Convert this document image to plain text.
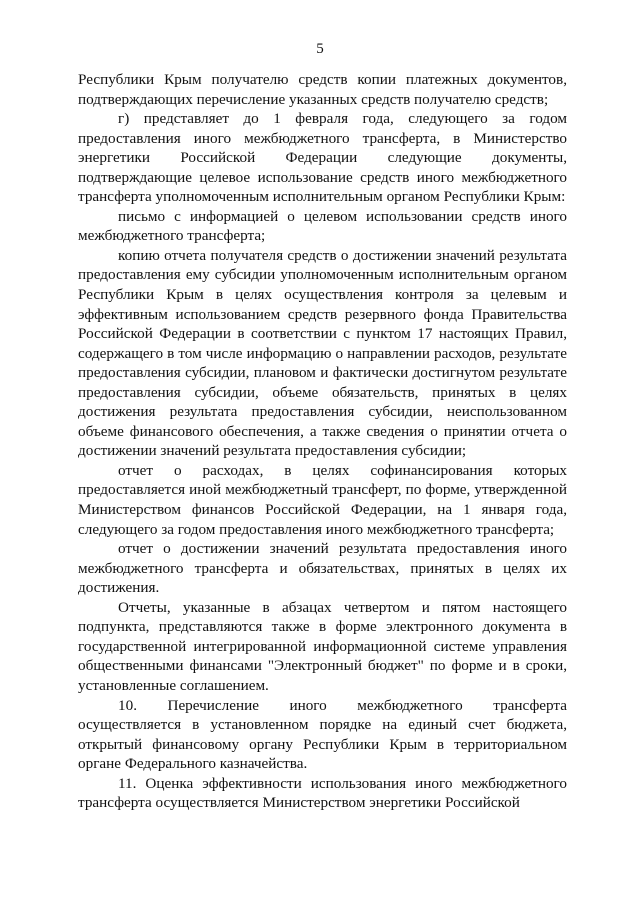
5

Республики Крым получателю средств копии платежных документов, подтверждающих перечисление указанных средств получателю средств;

г) представляет до 1 февраля года, следующего за годом предоставления иного межбюджетного трансферта, в Министерство энергетики Российской Федерации следующие документы, подтверждающие целевое использование средств иного межбюджетного трансферта уполномоченным исполнительным органом Республики Крым:

письмо с информацией о целевом использовании средств иного межбюджетного трансферта;

копию отчета получателя средств о достижении значений результата предоставления ему субсидии уполномоченным исполнительным органом Республики Крым в целях осуществления контроля за целевым и эффективным использованием средств резервного фонда Правительства Российской Федерации в соответствии с пунктом 17 настоящих Правил, содержащего в том числе информацию о направлении расходов, результате предоставления субсидии, плановом и фактически достигнутом результате предоставления субсидии, объеме обязательств, принятых в целях достижения результата предоставления субсидии, неиспользованном объеме финансового обеспечения, а также сведения о принятии отчета о достижении значений результата предоставления субсидии;

отчет о расходах, в целях софинансирования которых предоставляется иной межбюджетный трансферт, по форме, утвержденной Министерством финансов Российской Федерации, на 1 января года, следующего за годом предоставления иного межбюджетного трансферта;

отчет о достижении значений результата предоставления иного межбюджетного трансферта и обязательствах, принятых в целях их достижения.

Отчеты, указанные в абзацах четвертом и пятом настоящего подпункта, представляются также в форме электронного документа в государственной интегрированной информационной системе управления общественными финансами "Электронный бюджет" по форме и в сроки, установленные соглашением.

10. Перечисление иного межбюджетного трансферта осуществляется в установленном порядке на единый счет бюджета, открытый финансовому органу Республики Крым в территориальном органе Федерального казначейства.

11. Оценка эффективности использования иного межбюджетного трансферта осуществляется Министерством энергетики Российской
